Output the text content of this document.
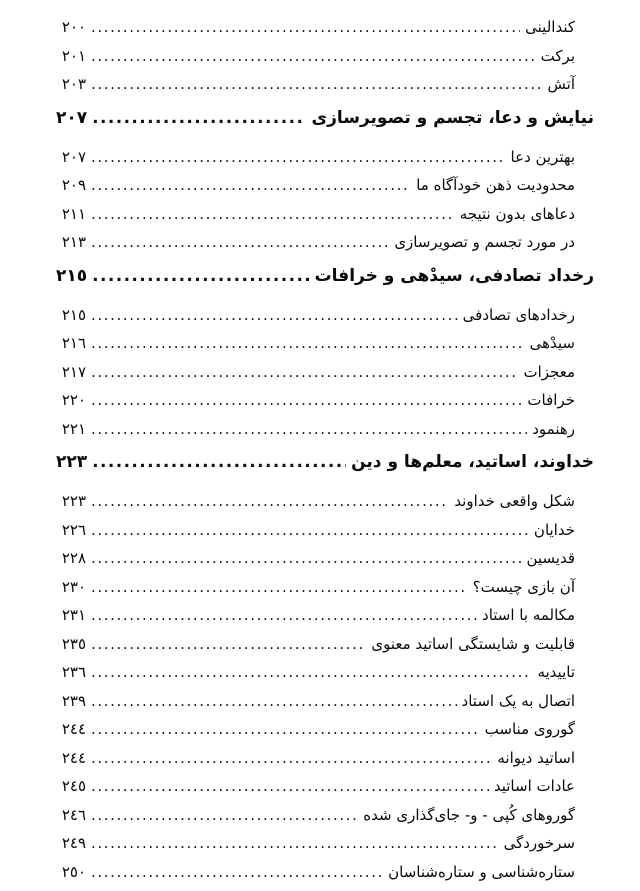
کندالینی
.....
٢٠٠
برکت
.....
٢٠١
آتش
.....
٢٠٣
نیایش و دعا، تجسم و تصویرسازی
.....
٢٠٧
بهترین دعا
.....
٢٠٧
محدودیت ذهن خودآگاه ما
.....
٢٠٩
دعاهای بدون نتیجه
.....
٢١١
در مورد تجسم و تصویرسازی
.....
٢١٣
رخداد تصادفی، سیدْهی و خرافات
.....
٢١٥
رخدادهای تصادفی
.....
٢١٥
سیدْهی
.....
٢١٦
معجزات
.....
٢١٧
خرافات
.....
٢٢٠
رهنمود
.....
٢٢١
خداوند، اساتید، معلم‌ها و دین
.....
٢٢٣
شکل واقعی خداوند
.....
٢٢٣
خدایان
.....
٢٢٦
قدیسین
.....
٢٢٨
آن بازی چیست؟
.....
٢٣٠
مکالمه با استاد
.....
٢٣١
قابلیت و شایستگی اساتید معنوی
.....
٢٣٥
تاییدیه
.....
٢٣٦
اتصال به یک استاد
.....
٢٣٩
گوروی مناسب
.....
٢٤٤
اساتید دیوانه
.....
٢٤٤
عادات اساتید
.....
٢٤٥
گوروهای کُپی - و- جای‌گذاری شده
.....
٢٤٦
سرخوردگی
.....
٢٤٩
ستاره‌شناسی و ستاره‌شناسان
.....
٢٥٠
